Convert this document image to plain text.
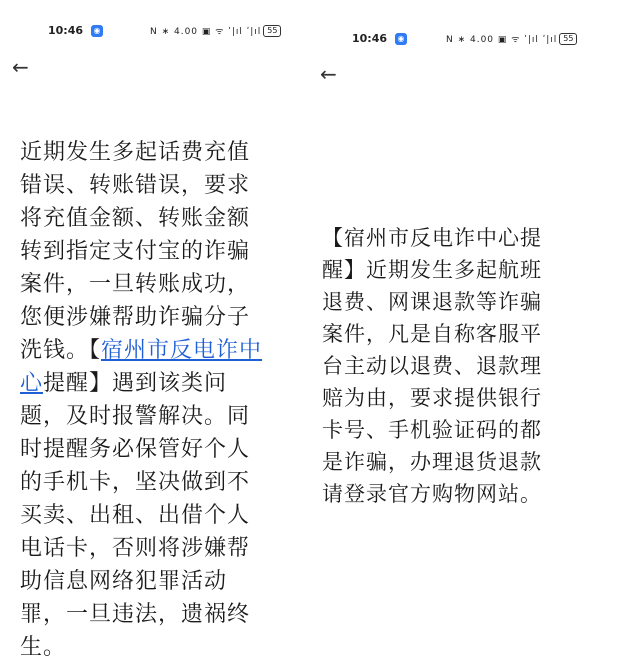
10:46	◉	N ∗ 4.00 ▣ ᯤ ʹ|ıl ʹ|ıl 55
←
近期发生多起话费充值错误、转账错误，要求将充值金额、转账金额转到指定支付宝的诈骗案件，一旦转账成功，您便涉嫌帮助诈骗分子洗钱。【宿州市反电诈中心提醒】遇到该类问题，及时报警解决。同时提醒务必保管好个人的手机卡，坚决做到不买卖、出租、出借个人电话卡，否则将涉嫌帮助信息网络犯罪活动罪，一旦违法，遗祸终生。
10:46	◉	N ∗ 4.00 ▣ ᯤ ʹ|ıl ʹ|ıl 55
←
【宿州市反电诈中心提醒】近期发生多起航班退费、网课退款等诈骗案件，凡是自称客服平台主动以退费、退款理赔为由，要求提供银行卡号、手机验证码的都是诈骗，办理退货退款请登录官方购物网站。
